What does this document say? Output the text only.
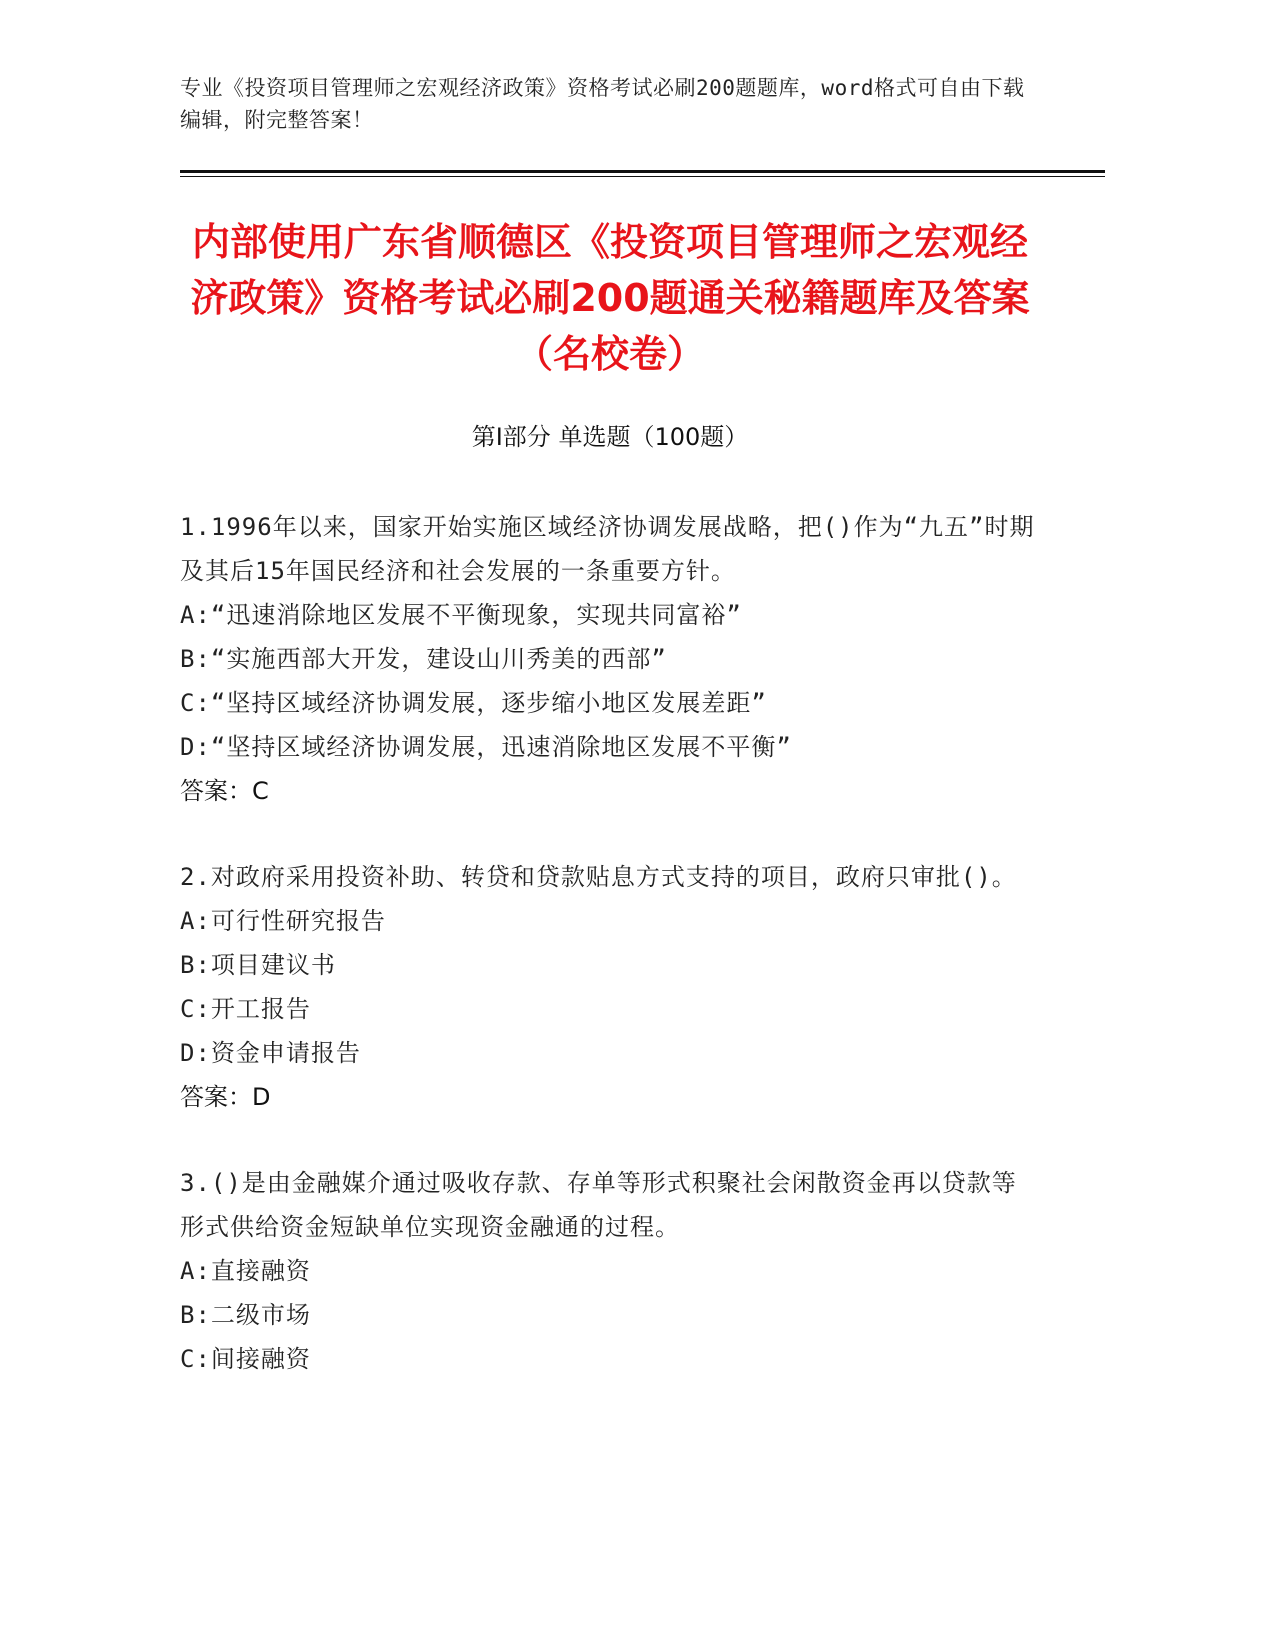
专业《投资项目管理师之宏观经济政策》资格考试必刷200题题库，word格式可自由下载编辑，附完整答案！
内部使用广东省顺德区《投资项目管理师之宏观经济政策》资格考试必刷200题通关秘籍题库及答案（名校卷）
第Ⅰ部分 单选题（100题）
1.1996年以来，国家开始实施区域经济协调发展战略，把()作为“九五”时期及其后15年国民经济和社会发展的一条重要方针。
A:“迅速消除地区发展不平衡现象，实现共同富裕”
B:“实施西部大开发，建设山川秀美的西部”
C:“坚持区域经济协调发展，逐步缩小地区发展差距”
D:“坚持区域经济协调发展，迅速消除地区发展不平衡”
答案：C
2.对政府采用投资补助、转贷和贷款贴息方式支持的项目，政府只审批()。
A:可行性研究报告
B:项目建议书
C:开工报告
D:资金申请报告
答案：D
3.()是由金融媒介通过吸收存款、存单等形式积聚社会闲散资金再以贷款等形式供给资金短缺单位实现资金融通的过程。
A:直接融资
B:二级市场
C:间接融资
